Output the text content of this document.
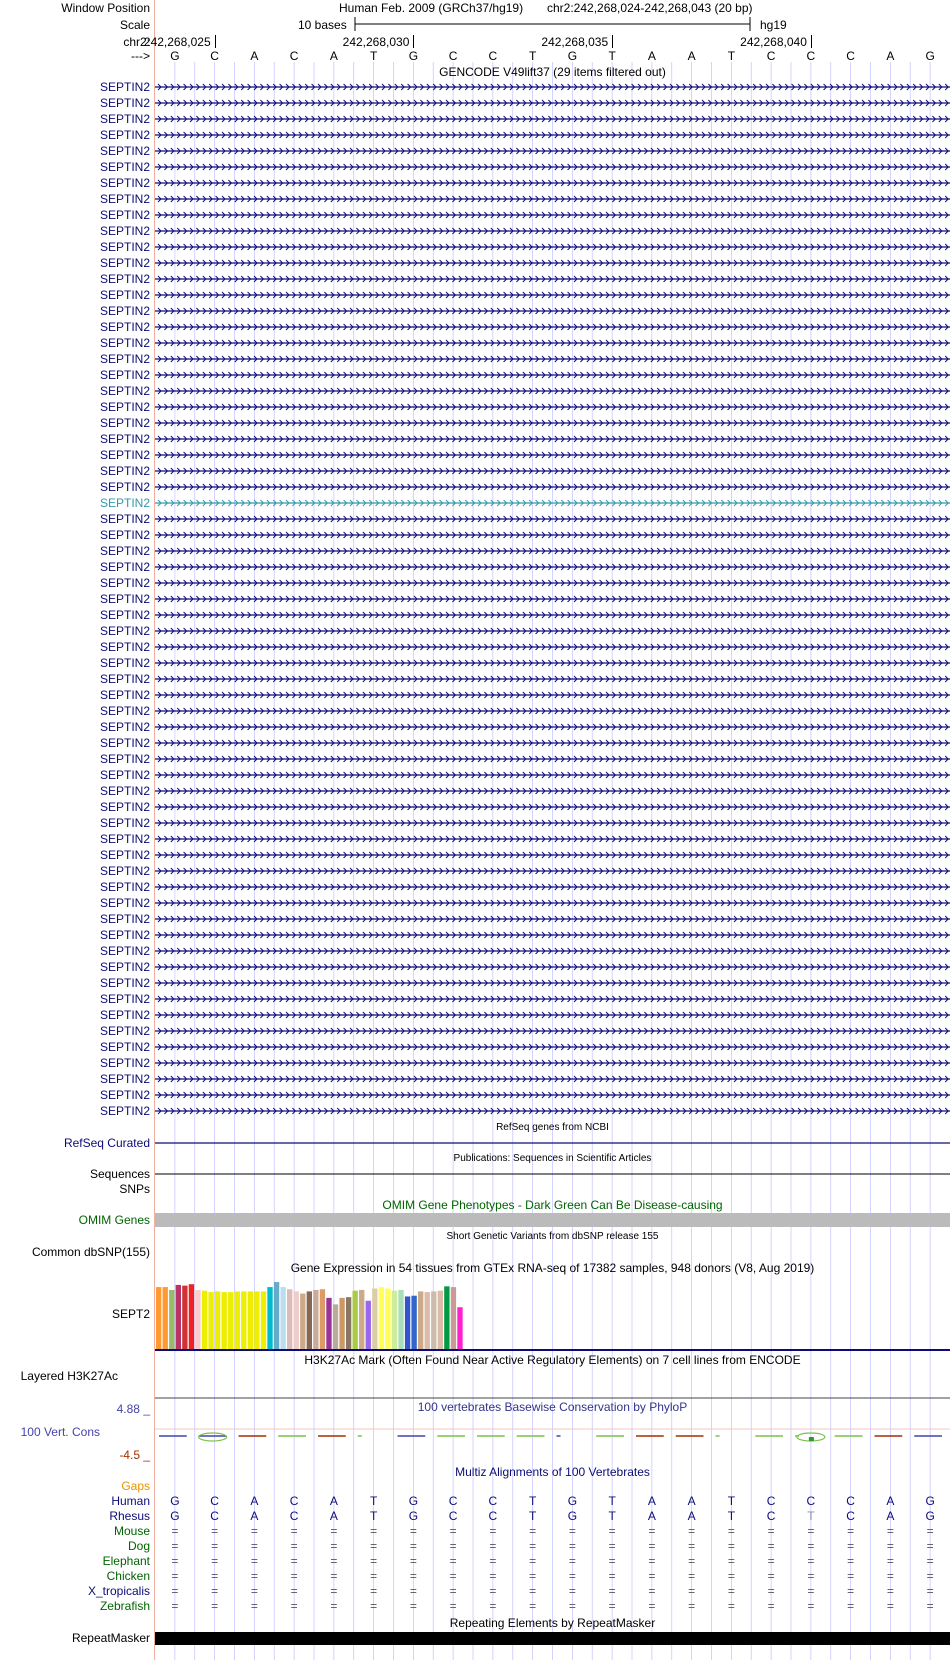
Window Position	Human Feb. 2009 (GRCh37/hg19) chr2:242,268,024-242,268,043 (20 bp)
Scale	10 bases	hg19
chr2:
242,268,025	242,268,030	242,268,035	242,268,040
--->	G	C	A	C	A	T	G	C	C	T	G	T	A	A	T	C	C	C	A	G
GENCODE V49lift37 (29 items filtered out)
SEPTIN2
SEPTIN2
SEPTIN2
SEPTIN2
SEPTIN2
SEPTIN2
SEPTIN2
SEPTIN2
SEPTIN2
SEPTIN2
SEPTIN2
SEPTIN2
SEPTIN2
SEPTIN2
SEPTIN2
SEPTIN2
SEPTIN2
SEPTIN2
SEPTIN2
SEPTIN2
SEPTIN2
SEPTIN2
SEPTIN2
SEPTIN2
SEPTIN2
SEPTIN2
SEPTIN2
SEPTIN2
SEPTIN2
SEPTIN2
SEPTIN2
SEPTIN2
SEPTIN2
SEPTIN2
SEPTIN2
SEPTIN2
SEPTIN2
SEPTIN2
SEPTIN2
SEPTIN2
SEPTIN2
SEPTIN2
SEPTIN2
SEPTIN2
SEPTIN2
SEPTIN2
SEPTIN2
SEPTIN2
SEPTIN2
SEPTIN2
SEPTIN2
SEPTIN2
SEPTIN2
SEPTIN2
SEPTIN2
SEPTIN2
SEPTIN2
SEPTIN2
SEPTIN2
SEPTIN2
SEPTIN2
SEPTIN2
SEPTIN2
SEPTIN2
SEPTIN2
RefSeq genes from NCBI
RefSeq Curated
Publications: Sequences in Scientific Articles
Sequences
SNPs
OMIM Gene Phenotypes - Dark Green Can Be Disease-causing
OMIM Genes
Short Genetic Variants from dbSNP release 155
Common dbSNP(155)
Gene Expression in 54 tissues from GTEx RNA-seq of 17382 samples, 948 donors (V8, Aug 2019)
SEPT2
H3K27Ac Mark (Often Found Near Active Regulatory Elements) on 7 cell lines from ENCODE
Layered H3K27Ac
100 vertebrates Basewise Conservation by PhyloP
4.88 _
100 Vert. Cons
-4.5 _
Multiz Alignments of 100 Vertebrates
Gaps
Human	G	C	A	C	A	T	G	C	C	T	G	T	A	A	T	C	C	C	A	G
Rhesus	G	C	A	C	A	T	G	C	C	T	G	T	A	A	T	C	T	C	A	G
Mouse	=	=	=	=	=	=	=	=	=	=	=	=	=	=	=	=	=	=	=	=
Dog	=	=	=	=	=	=	=	=	=	=	=	=	=	=	=	=	=	=	=	=
Elephant	=	=	=	=	=	=	=	=	=	=	=	=	=	=	=	=	=	=	=	=
Chicken	=	=	=	=	=	=	=	=	=	=	=	=	=	=	=	=	=	=	=	=
X_tropicalis	=	=	=	=	=	=	=	=	=	=	=	=	=	=	=	=	=	=	=	=
Zebrafish	=	=	=	=	=	=	=	=	=	=	=	=	=	=	=	=	=	=	=	=
Repeating Elements by RepeatMasker
RepeatMasker
